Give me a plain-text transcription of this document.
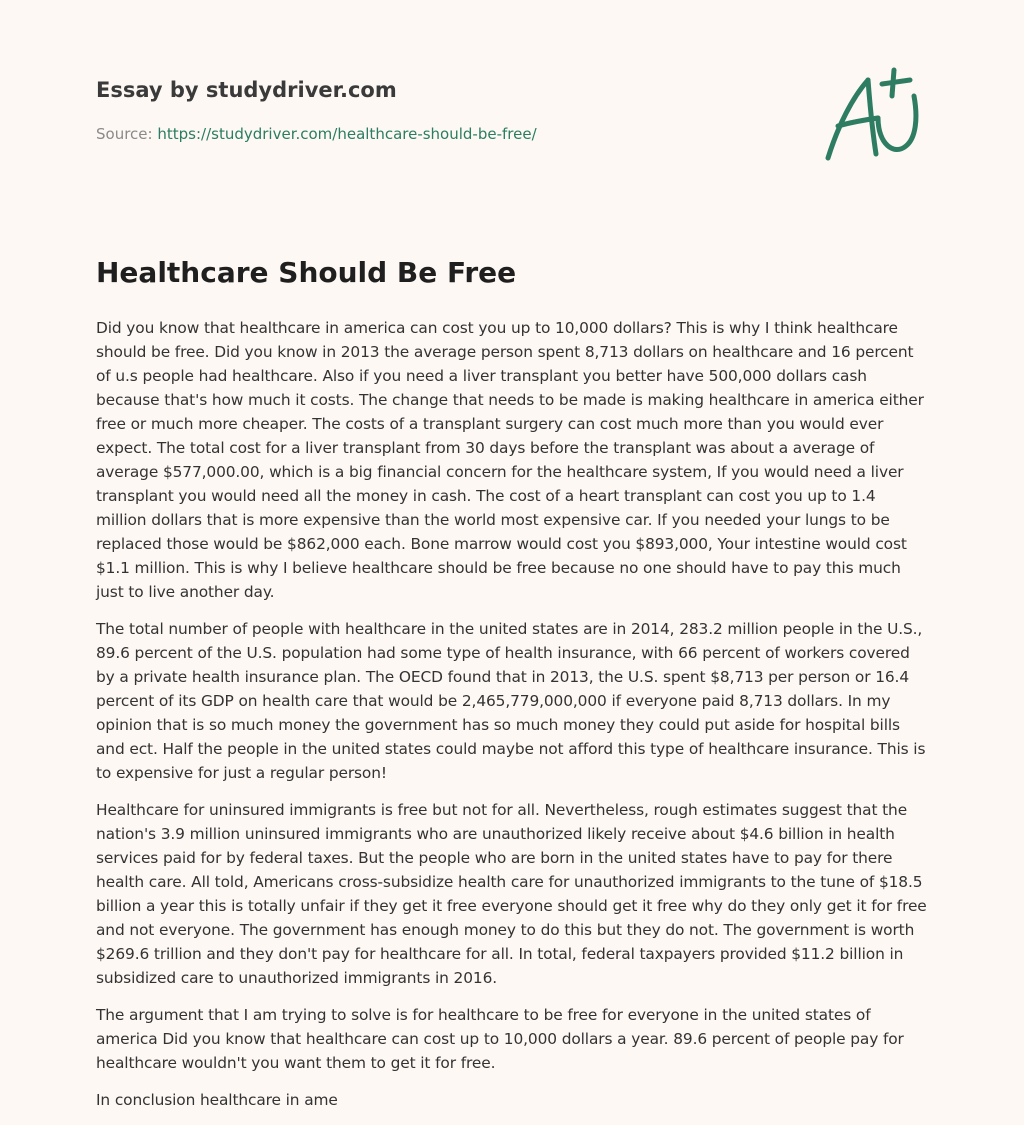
Essay by studydriver.com
Source: https://studydriver.com/healthcare-should-be-free/
Healthcare Should Be Free

Did you know that healthcare in america can cost you up to 10,000 dollars? This is why I think healthcare should be free. Did you know in 2013 the average person spent 8,713 dollars on healthcare and 16 percent of u.s people had healthcare. Also if you need a liver transplant you better have 500,000 dollars cash because that's how much it costs. The change that needs to be made is making healthcare in america either free or much more cheaper. The costs of a transplant surgery can cost much more than you would ever expect. The total cost for a liver transplant from 30 days before the transplant was about a average of average $577,000.00, which is a big financial concern for the healthcare system, If you would need a liver transplant you would need all the money in cash. The cost of a heart transplant can cost you up to 1.4 million dollars that is more expensive than the world most expensive car. If you needed your lungs to be replaced those would be $862,000 each. Bone marrow would cost you $893,000, Your intestine would cost $1.1 million. This is why I believe healthcare should be free because no one should have to pay this much just to live another day.

The total number of people with healthcare in the united states are in 2014, 283.2 million people in the U.S., 89.6 percent of the U.S. population had some type of health insurance, with 66 percent of workers covered by a private health insurance plan. The OECD found that in 2013, the U.S. spent $8,713 per person or 16.4 percent of its GDP on health care that would be 2,465,779,000,000 if everyone paid 8,713 dollars. In my opinion that is so much money the government has so much money they could put aside for hospital bills and ect. Half the people in the united states could maybe not afford this type of healthcare insurance. This is to expensive for just a regular person!

Healthcare for uninsured immigrants is free but not for all. Nevertheless, rough estimates suggest that the nation's 3.9 million uninsured immigrants who are unauthorized likely receive about $4.6 billion in health services paid for by federal taxes. But the people who are born in the united states have to pay for there health care. All told, Americans cross-subsidize health care for unauthorized immigrants to the tune of $18.5 billion a year this is totally unfair if they get it free everyone should get it free why do they only get it for free and not everyone. The government has enough money to do this but they do not. The government is worth $269.6 trillion and they don't pay for healthcare for all. In total, federal taxpayers provided $11.2 billion in subsidized care to unauthorized immigrants in 2016.

The argument that I am trying to solve is for healthcare to be free for everyone in the united states of america Did you know that healthcare can cost up to 10,000 dollars a year. 89.6 percent of people pay for healthcare wouldn't you want them to get it for free.

In conclusion healthcare in ame
